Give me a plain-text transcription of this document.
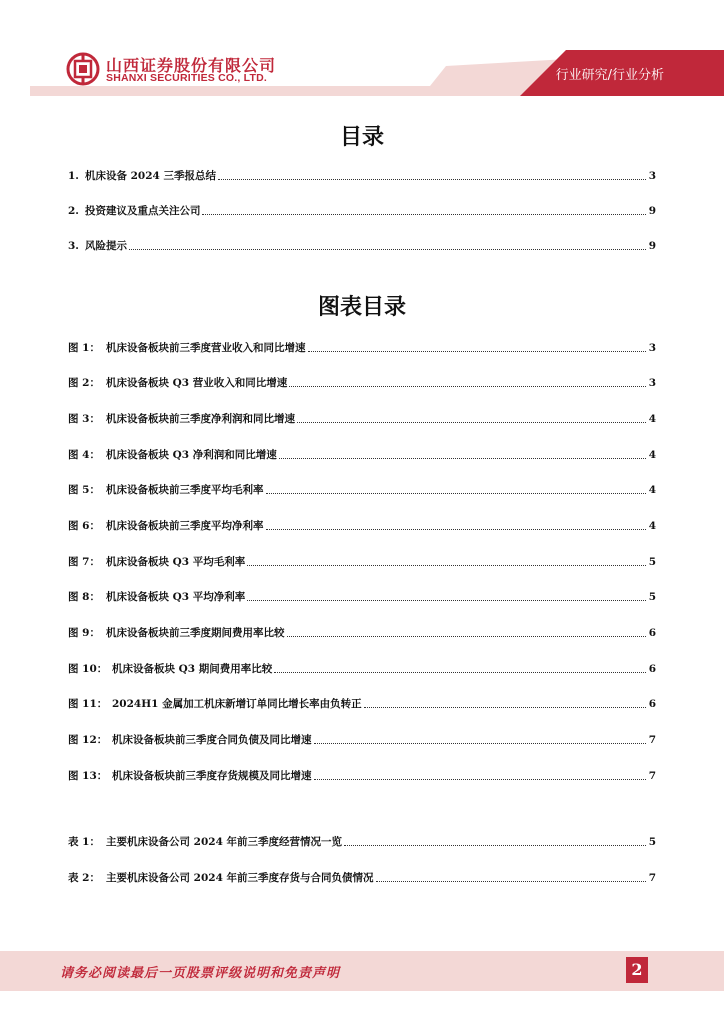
山西证券股份有限公司
SHANXI SECURITIES CO., LTD.	行业研究/行业分析
目录
1. 机床设备 2024 三季报总结	3
2. 投资建议及重点关注公司	9
3. 风险提示	9
图表目录
图 1： 机床设备板块前三季度营业收入和同比增速	3
图 2： 机床设备板块 Q3 营业收入和同比增速	3
图 3： 机床设备板块前三季度净利润和同比增速	4
图 4： 机床设备板块 Q3 净利润和同比增速	4
图 5： 机床设备板块前三季度平均毛利率	4
图 6： 机床设备板块前三季度平均净利率	4
图 7： 机床设备板块 Q3 平均毛利率	5
图 8： 机床设备板块 Q3 平均净利率	5
图 9： 机床设备板块前三季度期间费用率比较	6
图 10： 机床设备板块 Q3 期间费用率比较	6
图 11： 2024H1 金属加工机床新增订单同比增长率由负转正	6
图 12： 机床设备板块前三季度合同负债及同比增速	7
图 13： 机床设备板块前三季度存货规模及同比增速	7
表 1： 主要机床设备公司 2024 年前三季度经营情况一览	5
表 2： 主要机床设备公司 2024 年前三季度存货与合同负债情况	7
请务必阅读最后一页股票评级说明和免责声明	2
